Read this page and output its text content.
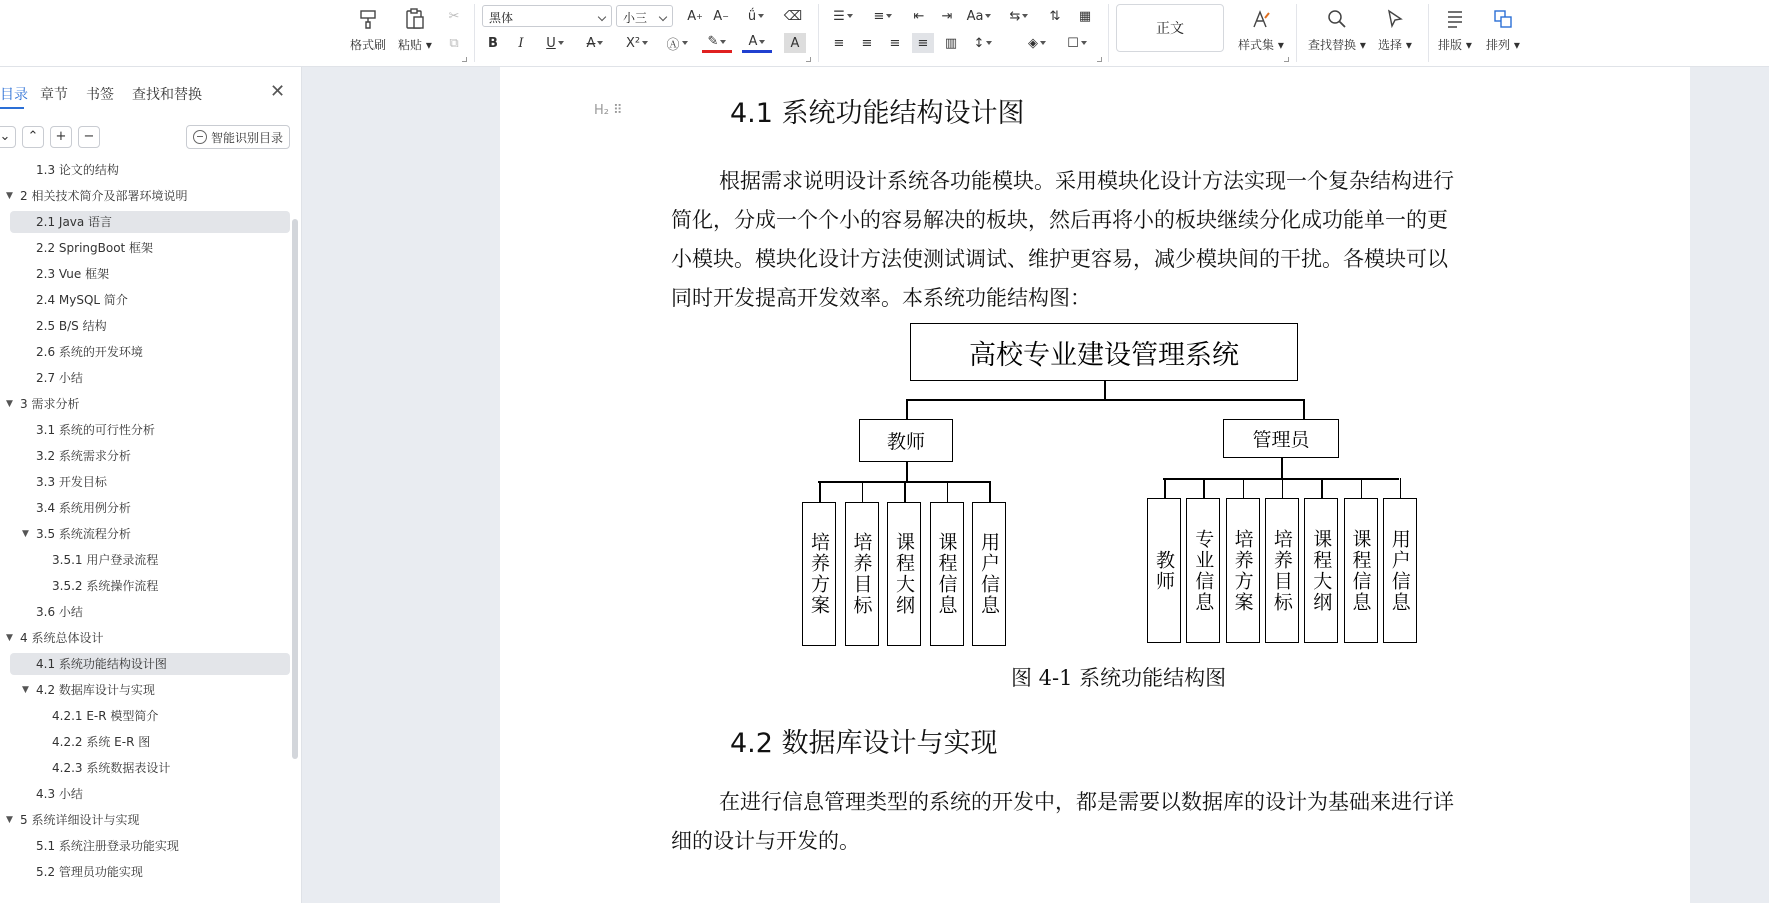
格式刷 粘贴 ▾
✂
⧉
黑体	小三	A + A −	ǘ	⌫
B I U A X²	Ⓐ	✎	A	A
☰	≡	⇤	⇥	Aa	⇆	⇅	▦
≡	≡	≡	≡	▥	↕	◈	☐
正文
样式集 ▾ 查找替换 ▾ 选择 ▾ 排版 ▾ 排列 ▾
目录 章节 书签 查找和替换	✕
⌄	⌃	+	−	智能识别目录
1.3 论文的结构
▼ 2 相关技术简介及部署环境说明
2.1 Java 语言
2.2 SpringBoot 框架
2.3 Vue 框架
2.4 MySQL 简介
2.5 B/S 结构
2.6 系统的开发环境
2.7 小结
▼ 3 需求分析
3.1 系统的可行性分析
3.2 系统需求分析
3.3 开发目标
3.4 系统用例分析
▼ 3.5 系统流程分析
3.5.1 用户登录流程
3.5.2 系统操作流程
3.6 小结
▼ 4 系统总体设计
4.1 系统功能结构设计图
▼ 4.2 数据库设计与实现
4.2.1 E-R 模型简介
4.2.2 系统 E-R 图
4.2.3 系统数据表设计
4.3 小结
▼ 5 系统详细设计与实现
5.1 系统注册登录功能实现
5.2 管理员功能实现
H₂ ⠿	4.1 系统功能结构设计图
根据需求说明设计系统各功能模块。采用模块化设计方法实现一个复杂结构进行
简化，分成一个个小的容易解决的板块，然后再将小的板块继续分化成功能单一的更
小模块。模块化设计方法使测试调试、维护更容易，减少模块间的干扰。各模块可以
同时开发提高开发效率。本系统功能结构图：
高校专业建设管理系统
教师	管理员
培养方案	培养目标	课程大纲	课程信息	用户信息	教师 专业信息 培养方案 培养目标 课程大纲 课程信息 用户信息
图 4-1 系统功能结构图
4.2 数据库设计与实现
在进行信息管理类型的系统的开发中，都是需要以数据库的设计为基础来进行详
细的设计与开发的。
